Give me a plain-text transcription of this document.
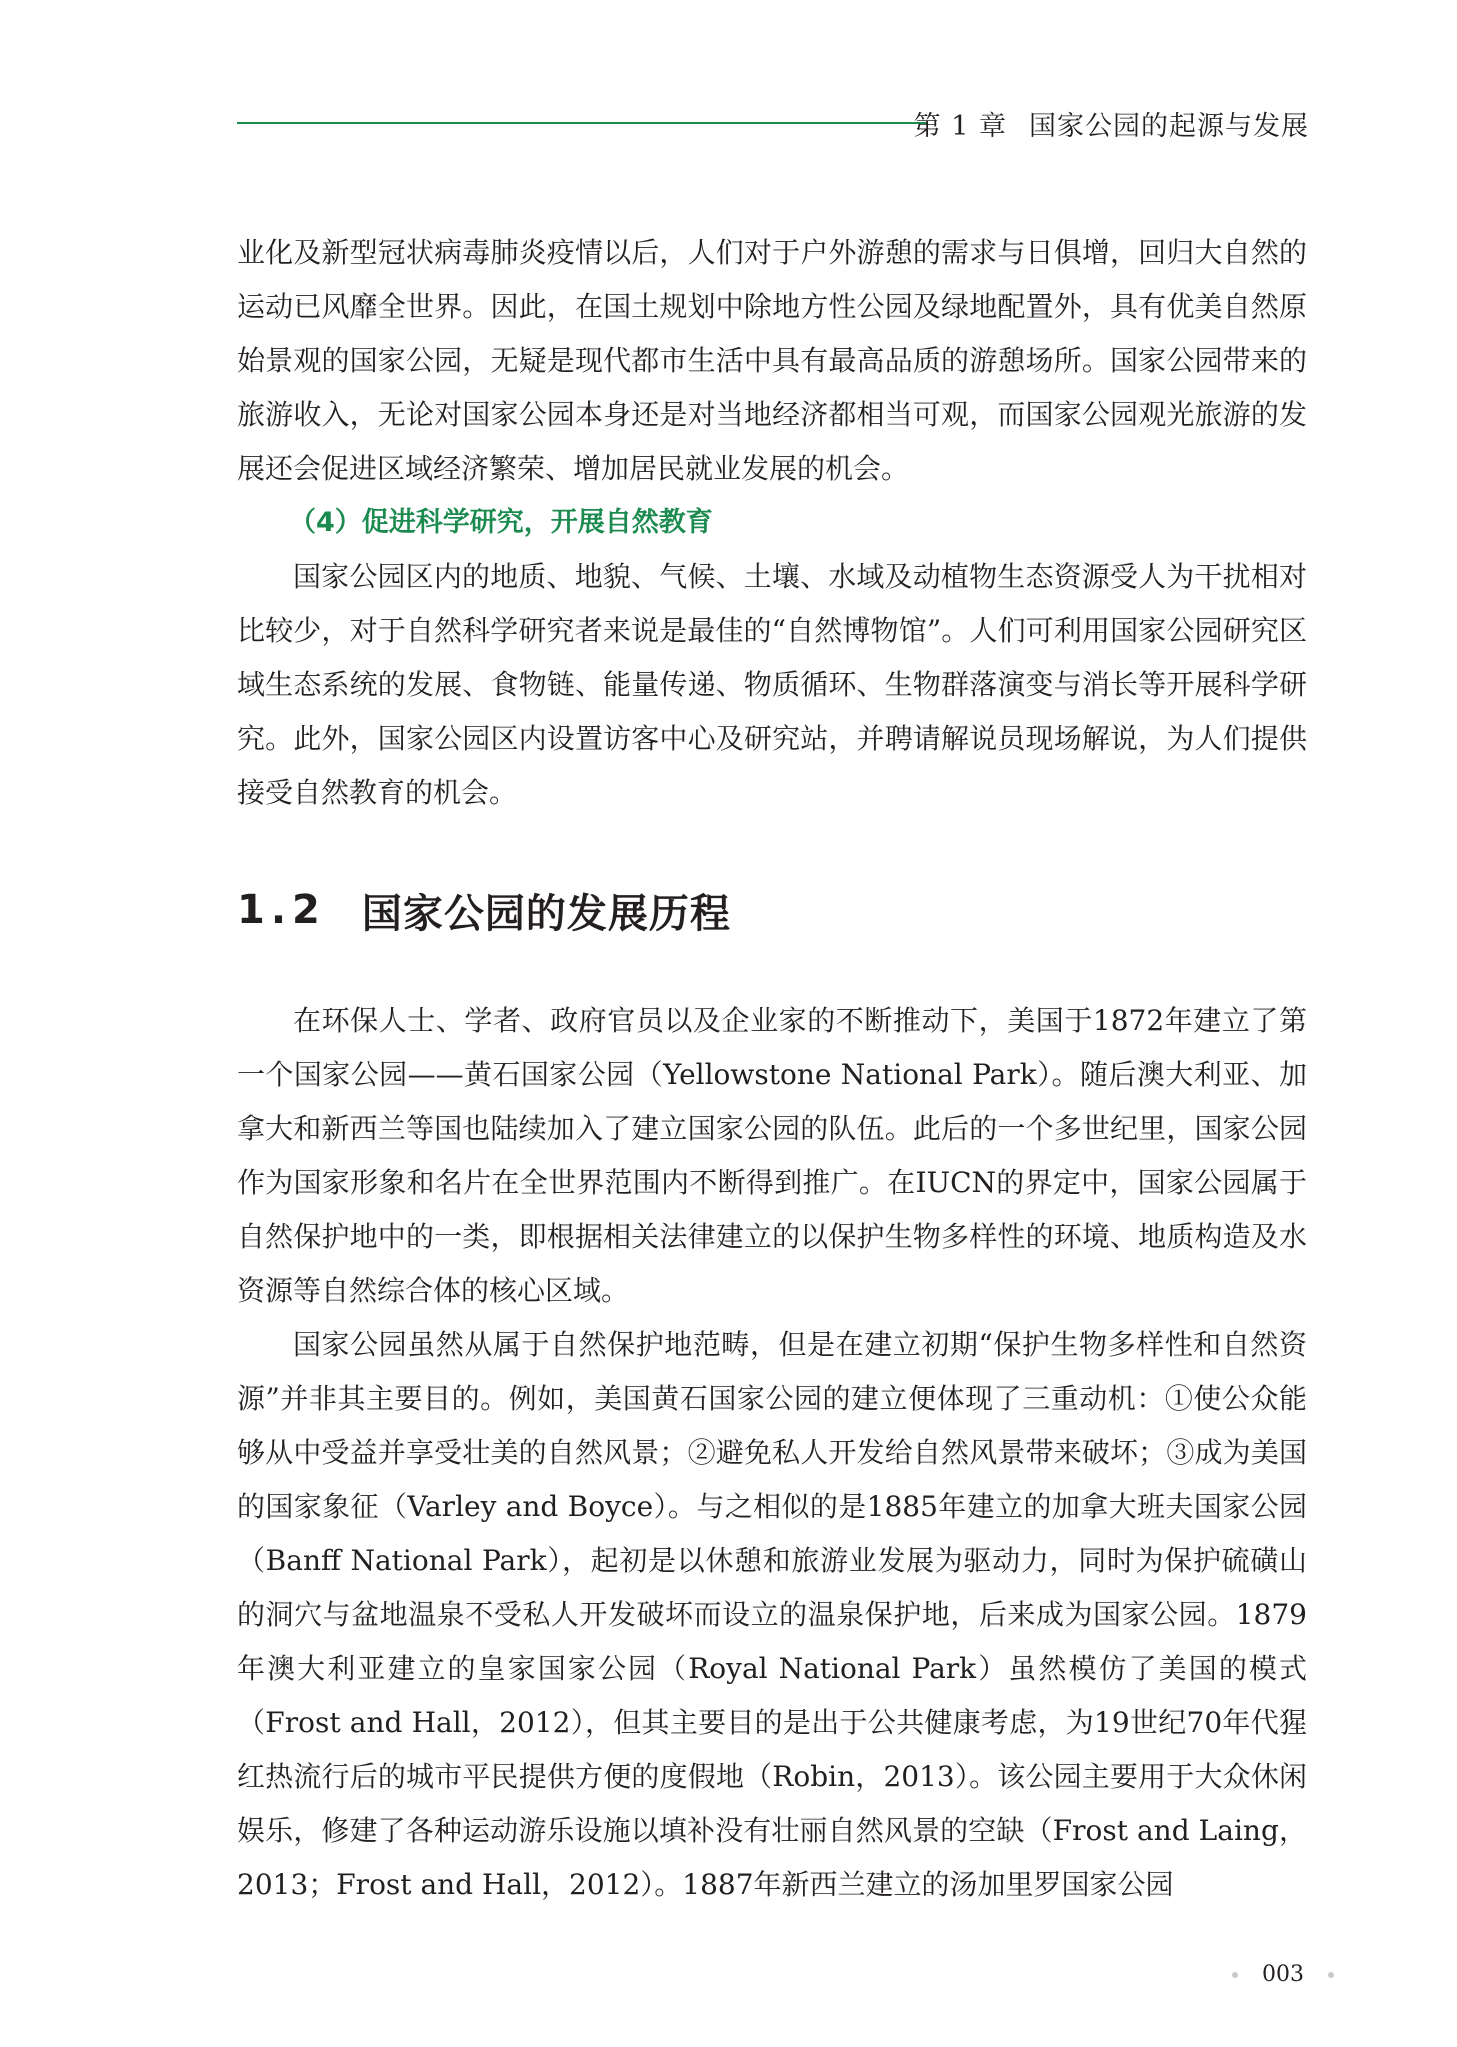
第 1 章 国家公园的起源与发展

业化及新型冠状病毒肺炎疫情以后，人们对于户外游憩的需求与日俱增，回归大自然的运动已风靡全世界。因此，在国土规划中除地方性公园及绿地配置外，具有优美自然原始景观的国家公园，无疑是现代都市生活中具有最高品质的游憩场所。国家公园带来的旅游收入，无论对国家公园本身还是对当地经济都相当可观，而国家公园观光旅游的发展还会促进区域经济繁荣、增加居民就业发展的机会。

（4）促进科学研究，开展自然教育

国家公园区内的地质、地貌、气候、土壤、水域及动植物生态资源受人为干扰相对比较少，对于自然科学研究者来说是最佳的“自然博物馆”。人们可利用国家公园研究区域生态系统的发展、食物链、能量传递、物质循环、生物群落演变与消长等开展科学研究。此外，国家公园区内设置访客中心及研究站，并聘请解说员现场解说，为人们提供接受自然教育的机会。

1.2 国家公园的发展历程

在环保人士、学者、政府官员以及企业家的不断推动下，美国于1872年建立了第一个国家公园——黄石国家公园（Yellowstone National Park）。随后澳大利亚、加拿大和新西兰等国也陆续加入了建立国家公园的队伍。此后的一个多世纪里，国家公园作为国家形象和名片在全世界范围内不断得到推广。在IUCN的界定中，国家公园属于自然保护地中的一类，即根据相关法律建立的以保护生物多样性的环境、地质构造及水资源等自然综合体的核心区域。

国家公园虽然从属于自然保护地范畴，但是在建立初期“保护生物多样性和自然资源”并非其主要目的。例如，美国黄石国家公园的建立便体现了三重动机：①使公众能够从中受益并享受壮美的自然风景；②避免私人开发给自然风景带来破坏；③成为美国的国家象征（Varley and Boyce）。与之相似的是1885年建立的加拿大班夫国家公园（Banff National Park），起初是以休憩和旅游业发展为驱动力，同时为保护硫磺山的洞穴与盆地温泉不受私人开发破坏而设立的温泉保护地，后来成为国家公园。1879年澳大利亚建立的皇家国家公园（Royal National Park）虽然模仿了美国的模式（Frost and Hall，2012），但其主要目的是出于公共健康考虑，为19世纪70年代猩红热流行后的城市平民提供方便的度假地（Robin，2013）。该公园主要用于大众休闲娱乐，修建了各种运动游乐设施以填补没有壮丽自然风景的空缺（Frost and Laing，2013；Frost and Hall，2012）。1887年新西兰建立的汤加里罗国家公园

003
